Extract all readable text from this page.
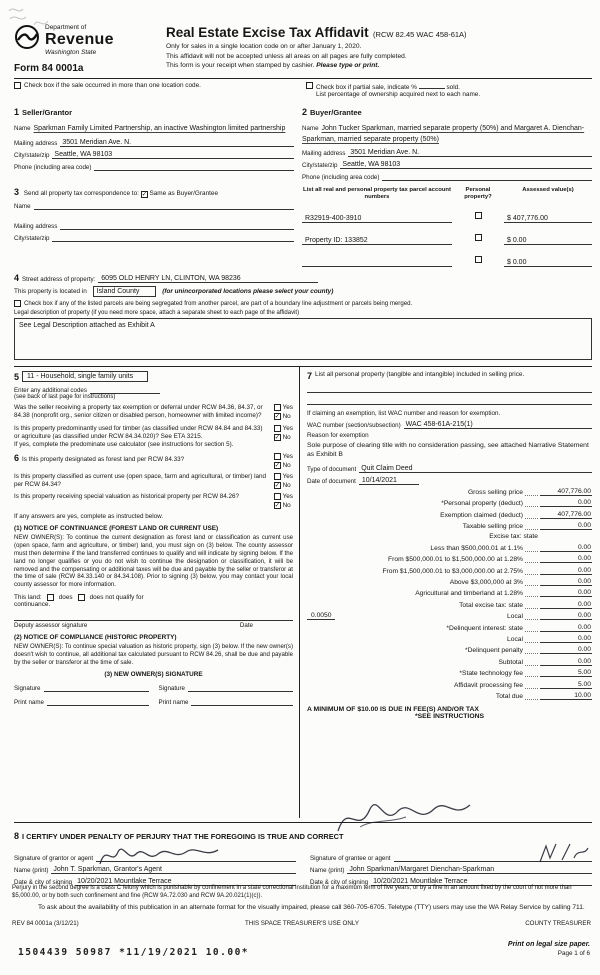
Department of
Revenue
Washington State
Form 84 0001a
Real Estate Excise Tax Affidavit (RCW 82.45 WAC 458-61A)
Only for sales in a single location code on or after January 1, 2020.
This affidavit will not be accepted unless all areas on all pages are fully completed.
This form is your receipt when stamped by cashier. Please type or print.
Check box if the sale occurred in more than one location code.	Check box if partial sale, indicate %	sold.
List percentage of ownership acquired next to each name.
1 Seller/Grantor
Name Sparkman Family Limited Partnership, an inactive Washington limited partnership
Mailing address 3501 Meridian Ave. N.
City/state/zip Seattle, WA 98103
Phone (including area code)
2 Buyer/Grantee
Name John Tucker Sparkman, married separate property (50%) and Margaret A. Dienchan-Sparkman, married separate property (50%)
Mailing address 3501 Meridian Ave. N.
City/state/zip Seattle, WA 98103
Phone (including area code)
3 Send all property tax correspondence to: ✓ Same as Buyer/Grantee
Name
Mailing address
City/state/zip
List all real and personal property tax parcel account numbers
Personal property?
Assessed value(s)
R32919-400-3910	$ 407,776.00
Property ID: 133852	$ 0.00
$ 0.00
4 Street address of property: 6095 OLD HENRY LN, CLINTON, WA 98236
This property is located in Island County	(for unincorporated locations please select your county)
Check box if any of the listed parcels are being segregated from another parcel, are part of a boundary line adjustment or parcels being merged.
Legal description of property (if you need more space, attach a separate sheet to each page of the affidavit)
See Legal Description attached as Exhibit A
5	11 - Household, single family units
Enter any additional codes
(see back of last page for instructions)
Was the seller receiving a property tax exemption or deferral under RCW 84.36, 84.37, or 84.38 (nonprofit org., senior citizen or disabled person, homeowner with limited income)?
Yes
✓ No
Is this property predominantly used for timber (as classified under RCW 84.84 and 84.33) or agriculture (as classified under RCW 84.34.020)? See ETA 3215.
If yes, complete the predominate use calculator (see instructions for section 5).
Yes
✓ No
6 Is this property designated as forest land per RCW 84.33?	Yes
✓ No
Is this property classified as current use (open space, farm and agricultural, or timber) land per RCW 84.34?
Yes
✓ No
Is this property receiving special valuation as historical property per RCW 84.26?	Yes
✓ No
If any answers are yes, complete as instructed below.
(1) NOTICE OF CONTINUANCE (FOREST LAND OR CURRENT USE)
NEW OWNER(S): To continue the current designation as forest land or classification as current use (open space, farm and agriculture, or timber) land, you must sign on (3) below. The county assessor must then determine if the land transferred continues to qualify and will indicate by signing below. If the land no longer qualifies or you do not wish to continue the designation or classification, it will be removed and the compensating or additional taxes will be due and payable by the seller or transferor at the time of sale (RCW 84.33.140 or 84.34.108). Prior to signing (3) below, you may contact your local county assessor for more information.
This land:	does	does not qualify for
continuance.
Deputy assessor signature	Date
(2) NOTICE OF COMPLIANCE (HISTORIC PROPERTY)
NEW OWNER(S): To continue special valuation as historic property, sign (3) below. If the new owner(s) doesn't wish to continue, all additional tax calculated pursuant to RCW 84.26, shall be due and payable by the seller or transferor at the time of sale.
(3) NEW OWNER(S) SIGNATURE
Signature	Signature
Print name	Print name
7 List all personal property (tangible and intangible) included in selling price.
If claiming an exemption, list WAC number and reason for exemption.
WAC number (section/subsection) WAC 458-61A-215(1)
Reason for exemption
Sole purpose of clearing title with no consideration passing, see attached Narrative Statement as Exhibit B
Type of document Quit Claim Deed
Date of document 10/14/2021
Gross selling price	407,776.00
*Personal property (deduct)	0.00
Exemption claimed (deduct)	407,776.00
Taxable selling price	0.00
Excise tax: state
Less than $500,000.01 at 1.1%	0.00
From $500,000.01 to $1,500,000.00 at 1.28%	0.00
From $1,500,000.01 to $3,000,000.00 at 2.75%	0.00
Above $3,000,000 at 3%	0.00
Agricultural and timberland at 1.28%	0.00
Total excise tax: state	0.00
0.0050	Local	0.00
*Delinquent interest: state	0.00
Local	0.00
*Delinquent penalty	0.00
Subtotal	0.00
*State technology fee	5.00
Affidavit processing fee	5.00
Total due	10.00
A MINIMUM OF $10.00 IS DUE IN FEE(S) AND/OR TAX
*SEE INSTRUCTIONS
8 I CERTIFY UNDER PENALTY OF PERJURY THAT THE FOREGOING IS TRUE AND CORRECT
Signature of grantor or agent
Name (print) John T. Sparkman, Grantor's Agent
Date & city of signing 10/20/2021 Mountlake Terrace
Signature of grantee or agent
Name (print) John Sparkman/Margaret Dienchan-Sparkman
Date & city of signing 10/20/2021 Mountlake Terrace
Perjury in the second degree is a class C felony which is punishable by confinement in a state correctional institution for a maximum term of five years, or by a fine in an amount fixed by the court of not more than $5,000.00, or by both such confinement and fine (RCW 9A.72.030 and RCW 9A.20.021(1)(c)).
To ask about the availability of this publication in an alternate format for the visually impaired, please call 360-705-6705. Teletype (TTY) users may use the WA Relay Service by calling 711.
REV 84 0001a (3/12/21)	THIS SPACE TREASURER'S USE ONLY	COUNTY TREASURER
1504439 50987 *11/19/2021 10.00*
Print on legal size paper.
Page 1 of 6
